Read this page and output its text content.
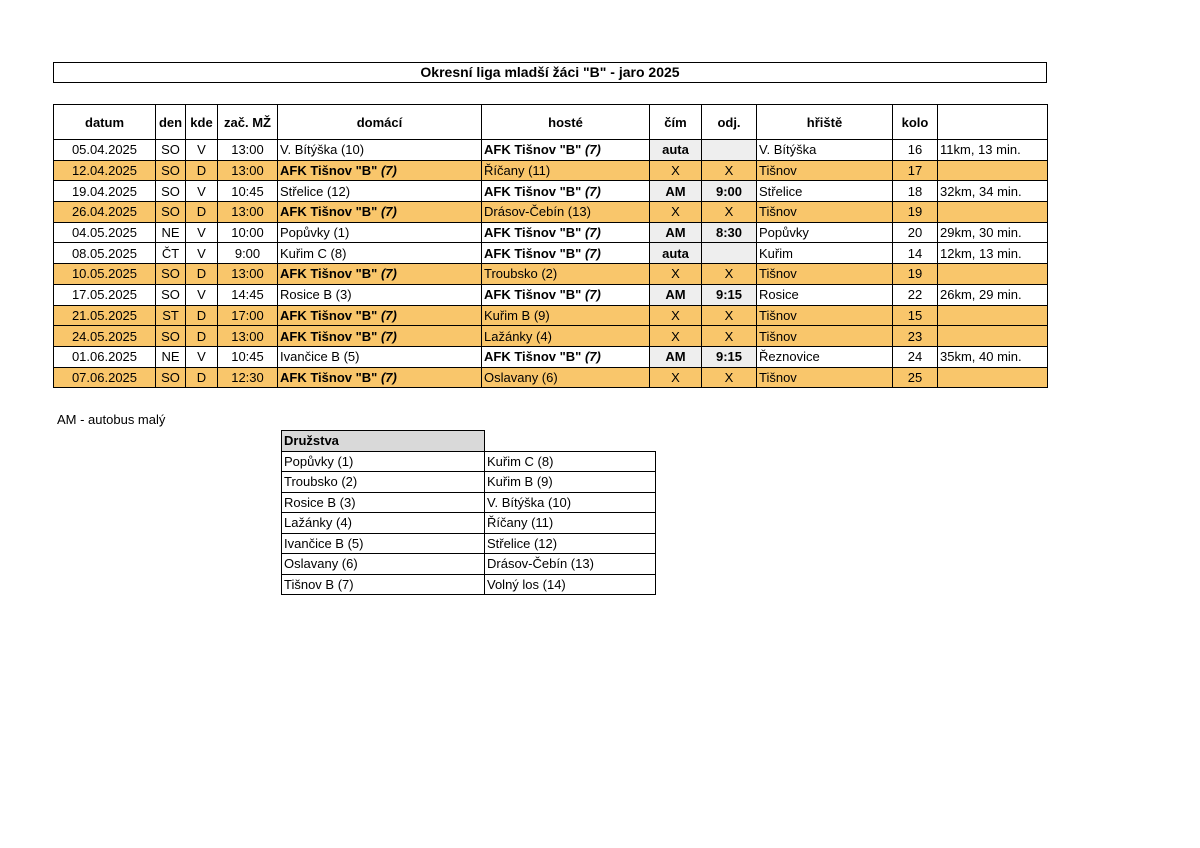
Okresní liga mladší žáci "B" - jaro 2025
datum	den	kde	zač. MŽ	domácí	hosté	čím	odj.	hřiště	kolo	
05.04.2025	SO	V	13:00	V. Bítýška (10)	AFK Tišnov "B" (7)	auta		V. Bítýška	16	11km, 13 min.
12.04.2025	SO	D	13:00	AFK Tišnov "B" (7)	Říčany (11)	X	X	Tišnov	17	
19.04.2025	SO	V	10:45	Střelice (12)	AFK Tišnov "B" (7)	AM	9:00	Střelice	18	32km, 34 min.
26.04.2025	SO	D	13:00	AFK Tišnov "B" (7)	Drásov-Čebín (13)	X	X	Tišnov	19	
04.05.2025	NE	V	10:00	Popůvky (1)	AFK Tišnov "B" (7)	AM	8:30	Popůvky	20	29km, 30 min.
08.05.2025	ČT	V	9:00	Kuřim C (8)	AFK Tišnov "B" (7)	auta		Kuřim	14	12km, 13 min.
10.05.2025	SO	D	13:00	AFK Tišnov "B" (7)	Troubsko (2)	X	X	Tišnov	19	
17.05.2025	SO	V	14:45	Rosice B (3)	AFK Tišnov "B" (7)	AM	9:15	Rosice	22	26km, 29 min.
21.05.2025	ST	D	17:00	AFK Tišnov "B" (7)	Kuřim B (9)	X	X	Tišnov	15	
24.05.2025	SO	D	13:00	AFK Tišnov "B" (7)	Lažánky (4)	X	X	Tišnov	23	
01.06.2025	NE	V	10:45	Ivančice B (5)	AFK Tišnov "B" (7)	AM	9:15	Řeznovice	24	35km, 40 min.
07.06.2025	SO	D	12:30	AFK Tišnov "B" (7)	Oslavany (6)	X	X	Tišnov	25	
AM - autobus malý
Družstva	
Popůvky (1)	Kuřim C (8)
Troubsko (2)	Kuřim B (9)
Rosice B (3)	V. Bítýška (10)
Lažánky (4)	Říčany (11)
Ivančice B (5)	Střelice (12)
Oslavany (6)	Drásov-Čebín (13)
Tišnov B (7)	Volný los (14)
